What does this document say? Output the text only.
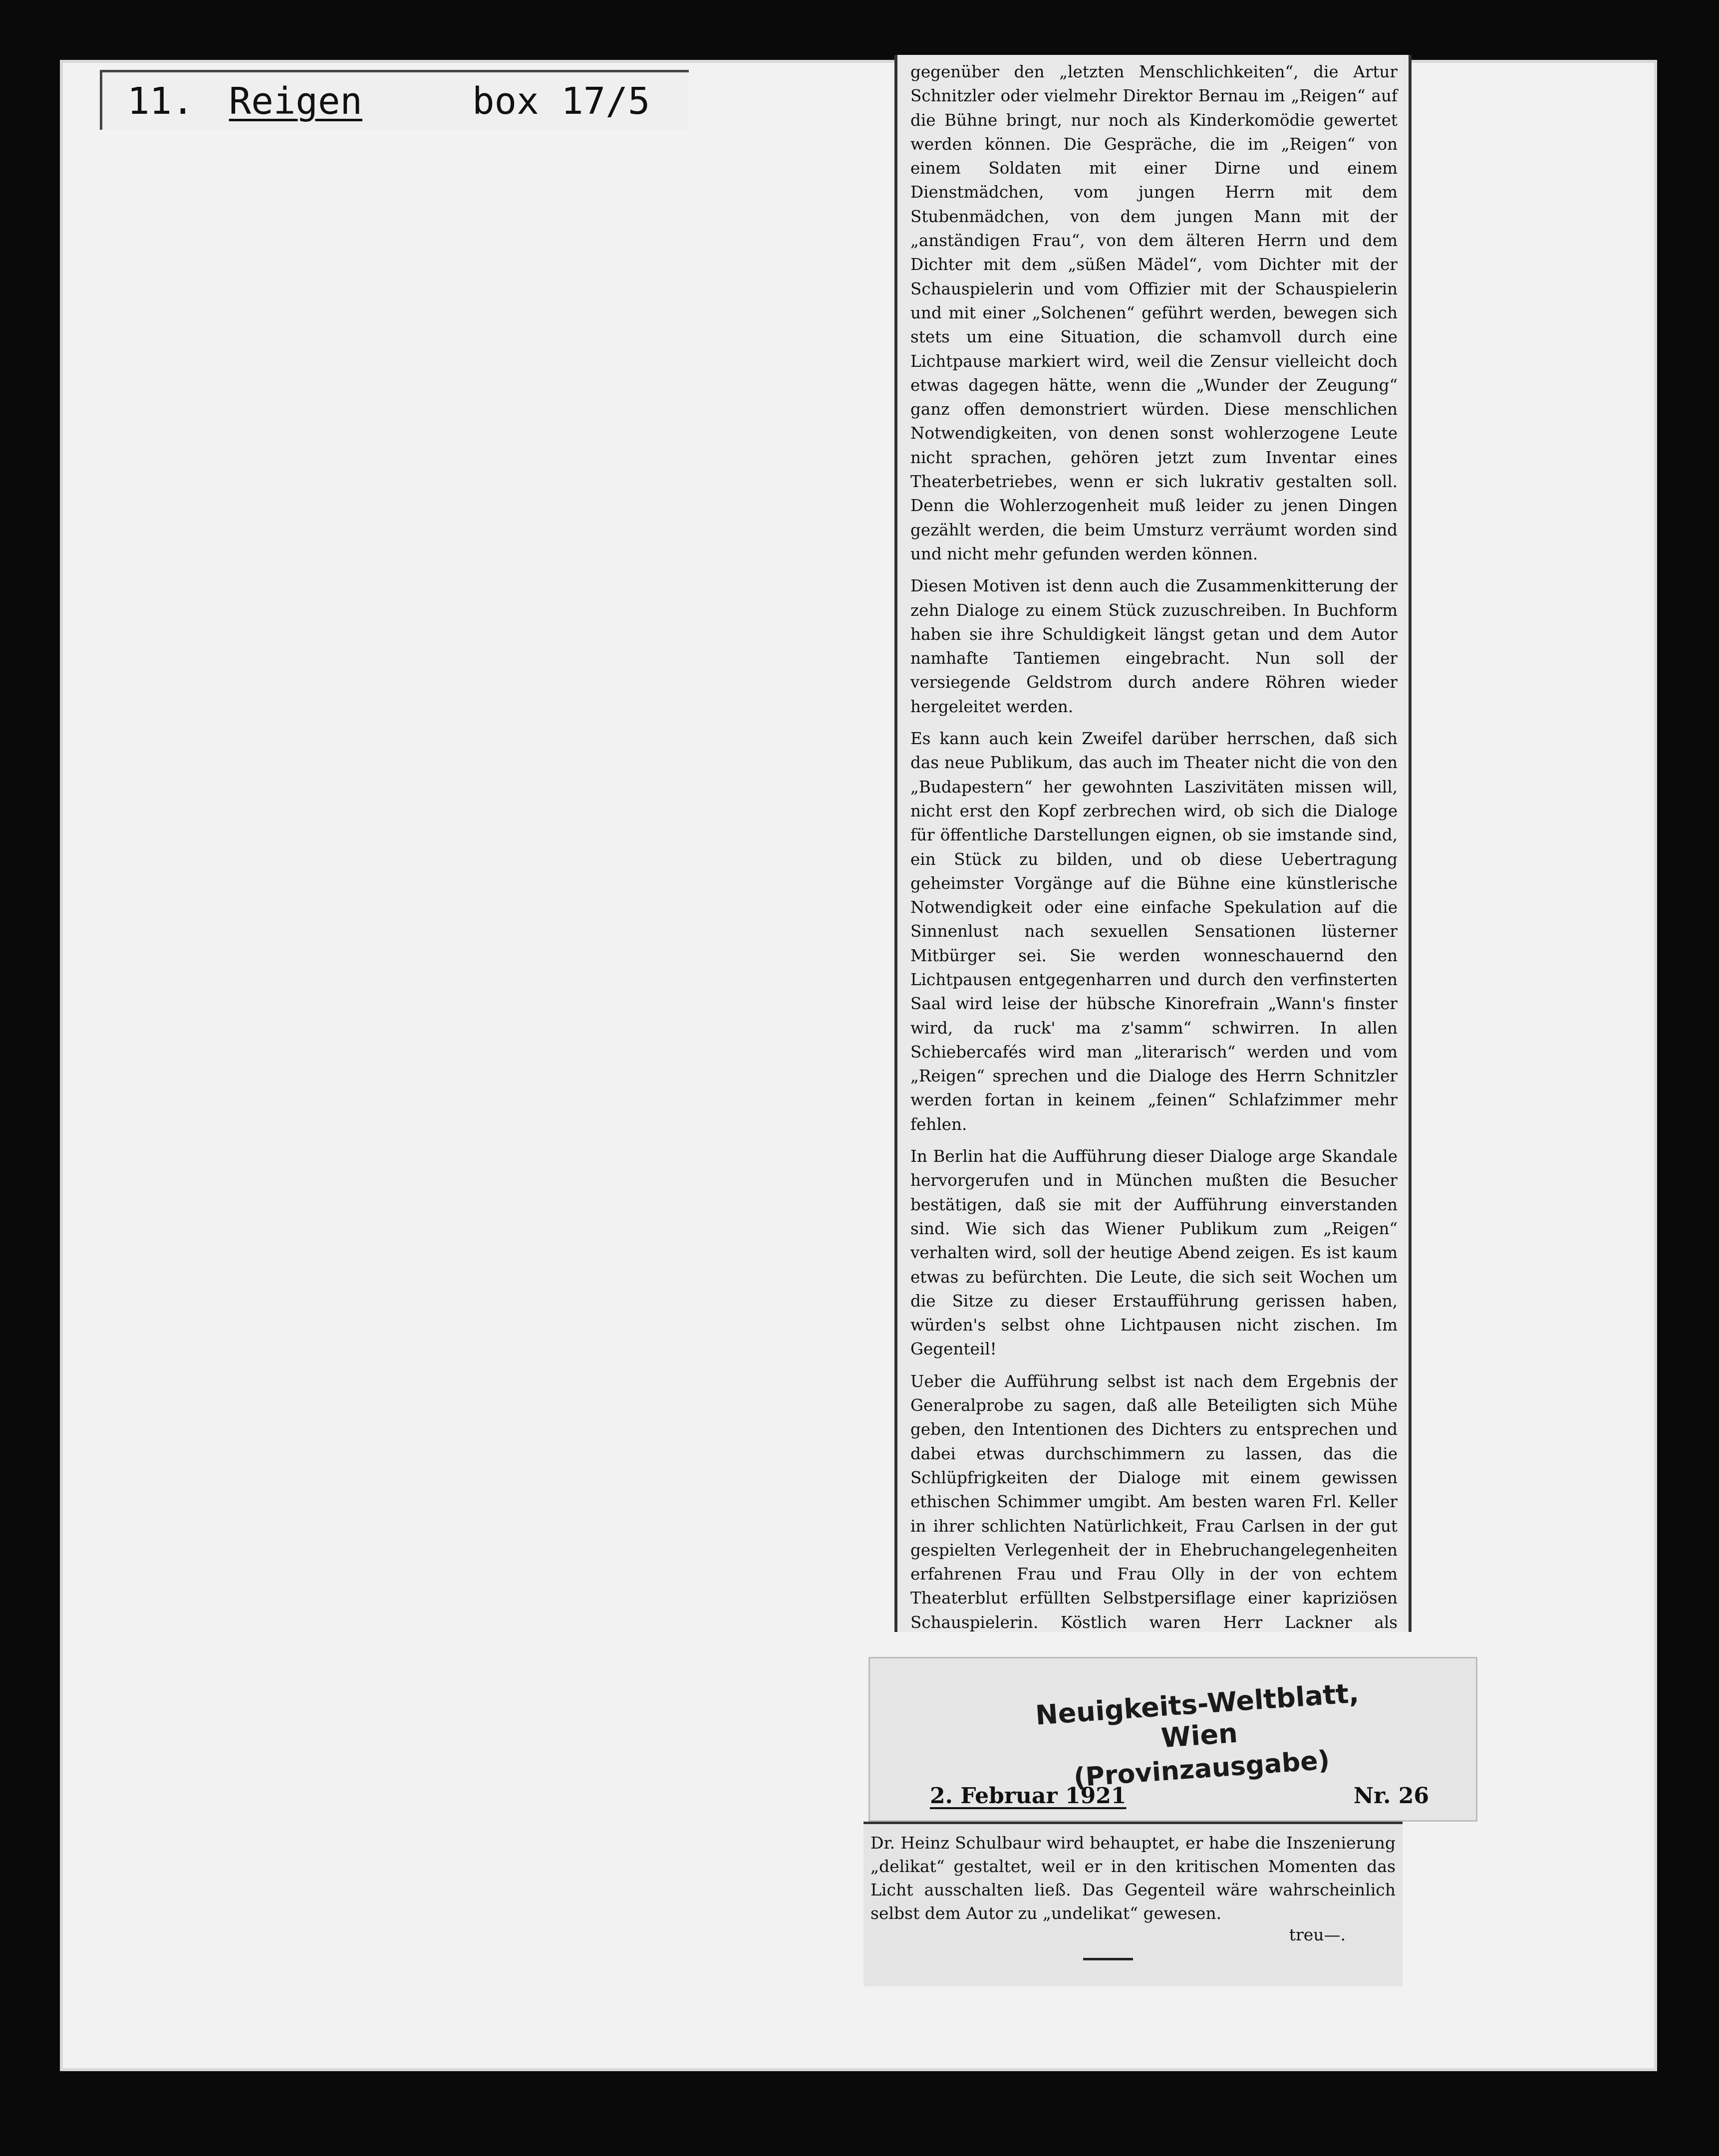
11. Reigen	box 17/5

gegenüber den „letzten Menschlichkeiten“, die Artur Schnitzler oder vielmehr Direktor Bernau im „Reigen“ auf die Bühne bringt, nur noch als Kinderkomödie gewertet werden können. Die Gespräche, die im „Reigen“ von einem Soldaten mit einer Dirne und einem Dienstmädchen, vom jungen Herrn mit dem Stubenmädchen, von dem jungen Mann mit der „anständigen Frau“, von dem älteren Herrn und dem Dichter mit dem „süßen Mädel“, vom Dichter mit der Schauspielerin und vom Offizier mit der Schauspielerin und mit einer „Solchenen“ geführt werden, bewegen sich stets um eine Situation, die schamvoll durch eine Lichtpause markiert wird, weil die Zensur vielleicht doch etwas dagegen hätte, wenn die „Wunder der Zeugung“ ganz offen demonstriert würden. Diese menschlichen Notwendigkeiten, von denen sonst wohlerzogene Leute nicht sprachen, gehören jetzt zum Inventar eines Theaterbetriebes, wenn er sich lukrativ gestalten soll. Denn die Wohlerzogenheit muß leider zu jenen Dingen gezählt werden, die beim Umsturz verräumt worden sind und nicht mehr gefunden werden können.

Diesen Motiven ist denn auch die Zusammenkitterung der zehn Dialoge zu einem Stück zuzuschreiben. In Buchform haben sie ihre Schuldigkeit längst getan und dem Autor namhafte Tantiemen eingebracht. Nun soll der versiegende Geldstrom durch andere Röhren wieder hergeleitet werden.

Es kann auch kein Zweifel darüber herrschen, daß sich das neue Publikum, das auch im Theater nicht die von den „Budapestern“ her gewohnten Laszivitäten missen will, nicht erst den Kopf zerbrechen wird, ob sich die Dialoge für öffentliche Darstellungen eignen, ob sie imstande sind, ein Stück zu bilden, und ob diese Uebertragung geheimster Vorgänge auf die Bühne eine künstlerische Notwendigkeit oder eine einfache Spekulation auf die Sinnenlust nach sexuellen Sensationen lüsterner Mitbürger sei. Sie werden wonneschauernd den Lichtpausen entgegenharren und durch den verfinsterten Saal wird leise der hübsche Kinorefrain „Wann's finster wird, da ruck' ma z'samm“ schwirren. In allen Schiebercafés wird man „literarisch“ werden und vom „Reigen“ sprechen und die Dialoge des Herrn Schnitzler werden fortan in keinem „feinen“ Schlafzimmer mehr fehlen.

In Berlin hat die Aufführung dieser Dialoge arge Skandale hervorgerufen und in München mußten die Besucher bestätigen, daß sie mit der Aufführung einverstanden sind. Wie sich das Wiener Publikum zum „Reigen“ verhalten wird, soll der heutige Abend zeigen. Es ist kaum etwas zu befürchten. Die Leute, die sich seit Wochen um die Sitze zu dieser Erstaufführung gerissen haben, würden's selbst ohne Lichtpausen nicht zischen. Im Gegenteil!

Ueber die Aufführung selbst ist nach dem Ergebnis der Generalprobe zu sagen, daß alle Beteiligten sich Mühe geben, den Intentionen des Dichters zu entsprechen und dabei etwas durchschimmern zu lassen, das die Schlüpfrigkeiten der Dialoge mit einem gewissen ethischen Schimmer umgibt. Am besten waren Frl. Keller in ihrer schlichten Natürlichkeit, Frau Carlsen in der gut gespielten Verlegenheit der in Ehebruchangelegenheiten erfahrenen Frau und Frau Olly in der von echtem Theaterblut erfüllten Selbstpersiflage einer kapriziösen Schauspielerin. Köstlich waren Herr Lackner als

Neuigkeits-Weltblatt, Wien
(Provinzausgabe)
2. Februar 1921	Nr. 26
Dr. Heinz Schulbaur wird behauptet, er habe die Inszenierung „delikat“ gestaltet, weil er in den kritischen Momenten das Licht ausschalten ließ. Das Gegenteil wäre wahrscheinlich selbst dem Autor zu „undelikat“ gewesen.
treu—.
